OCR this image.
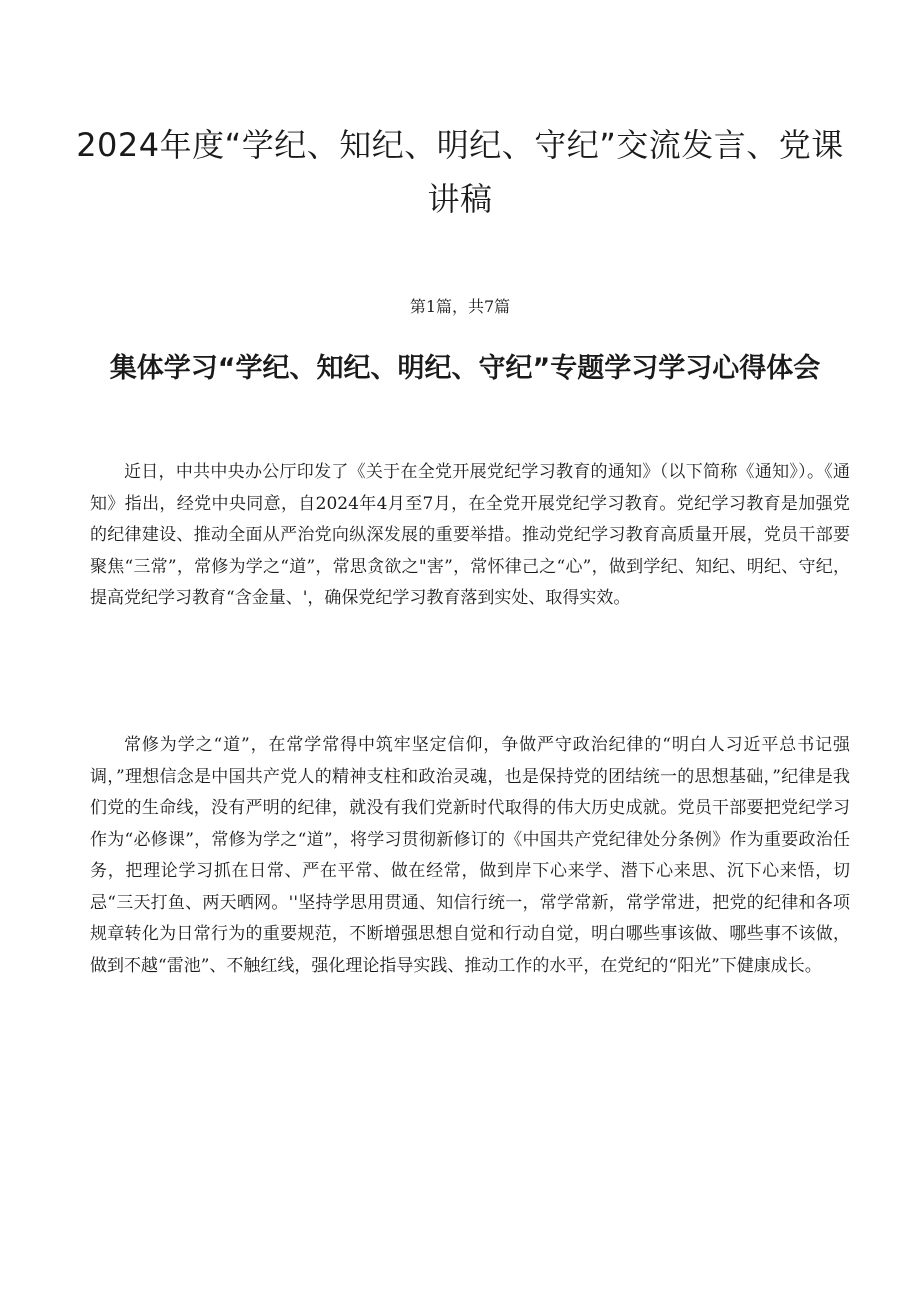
2024年度“学纪、知纪、明纪、守纪”交流发言、党课讲稿

第1篇，共7篇

集体学习“学纪、知纪、明纪、守纪”专题学习学习心得体会

近日，中共中央办公厅印发了《关于在全党开展党纪学习教育的通知》（以下简称《通知》）。《通知》指出，经党中央同意，自2024年4月至7月，在全党开展党纪学习教育。党纪学习教育是加强党的纪律建设、推动全面从严治党向纵深发展的重要举措。推动党纪学习教育高质量开展，党员干部要聚焦“三常”，常修为学之“道”，常思贪欲之"害”，常怀律己之“心”，做到学纪、知纪、明纪、守纪，提高党纪学习教育“含金量、'，确保党纪学习教育落到实处、取得实效。

常修为学之“道”，在常学常得中筑牢坚定信仰，争做严守政治纪律的“明白人习近平总书记强调，”理想信念是中国共产党人的精神支柱和政治灵魂，也是保持党的团结统一的思想基础，”纪律是我们党的生命线，没有严明的纪律，就没有我们党新时代取得的伟大历史成就。党员干部要把党纪学习作为“必修课”，常修为学之“道”，将学习贯彻新修订的《中国共产党纪律处分条例》作为重要政治任务，把理论学习抓在日常、严在平常、做在经常，做到岸下心来学、潜下心来思、沉下心来悟，切忌“三天打鱼、两天晒网。''坚持学思用贯通、知信行统一，常学常新，常学常进，把党的纪律和各项规章转化为日常行为的重要规范，不断增强思想自觉和行动自觉，明白哪些事该做、哪些事不该做，做到不越“雷池”、不触红线，强化理论指导实践、推动工作的水平，在党纪的“阳光”下健康成长。
